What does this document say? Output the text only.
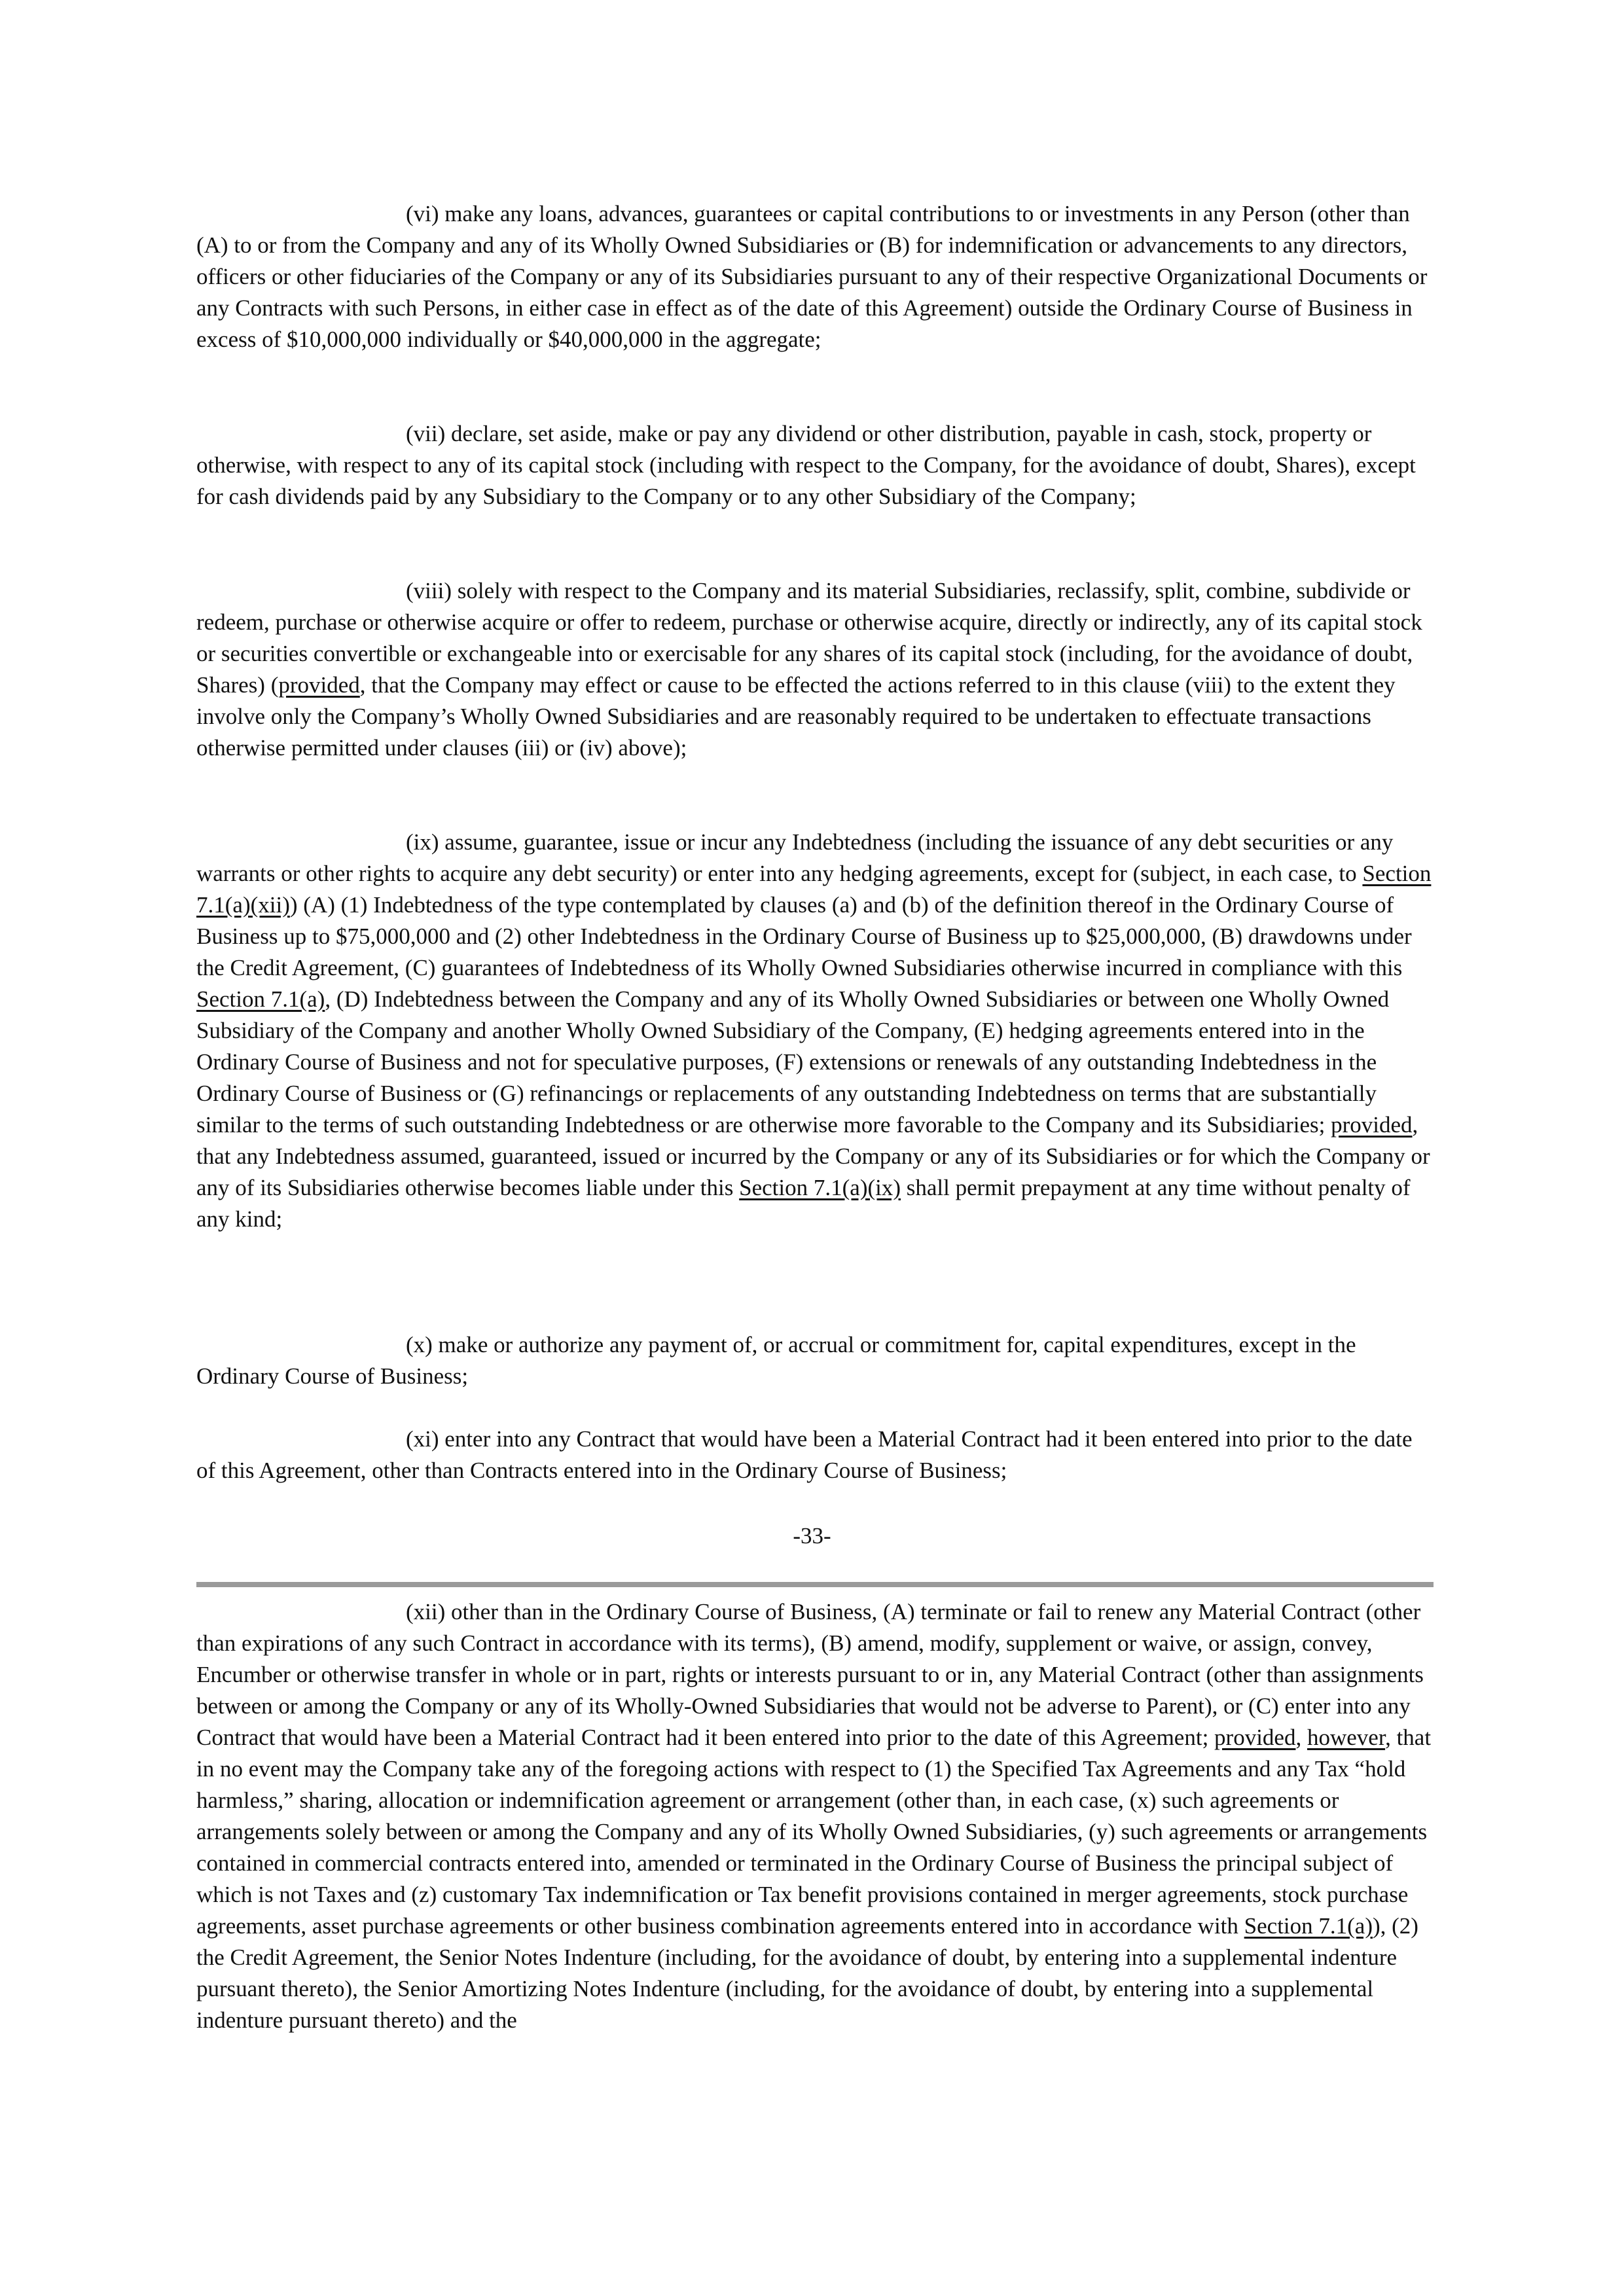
(vi) make any loans, advances, guarantees or capital contributions to or investments in any Person (other than (A) to or from the Company and any of its Wholly Owned Subsidiaries or (B) for indemnification or advancements to any directors, officers or other fiduciaries of the Company or any of its Subsidiaries pursuant to any of their respective Organizational Documents or any Contracts with such Persons, in either case in effect as of the date of this Agreement) outside the Ordinary Course of Business in excess of $10,000,000 individually or $40,000,000 in the aggregate;

(vii) declare, set aside, make or pay any dividend or other distribution, payable in cash, stock, property or otherwise, with respect to any of its capital stock (including with respect to the Company, for the avoidance of doubt, Shares), except for cash dividends paid by any Subsidiary to the Company or to any other Subsidiary of the Company;

(viii) solely with respect to the Company and its material Subsidiaries, reclassify, split, combine, subdivide or redeem, purchase or otherwise acquire or offer to redeem, purchase or otherwise acquire, directly or indirectly, any of its capital stock or securities convertible or exchangeable into or exercisable for any shares of its capital stock (including, for the avoidance of doubt, Shares) (provided, that the Company may effect or cause to be effected the actions referred to in this clause (viii) to the extent they involve only the Company’s Wholly Owned Subsidiaries and are reasonably required to be undertaken to effectuate transactions otherwise permitted under clauses (iii) or (iv) above);

(ix) assume, guarantee, issue or incur any Indebtedness (including the issuance of any debt securities or any warrants or other rights to acquire any debt security) or enter into any hedging agreements, except for (subject, in each case, to Section 7.1(a)(xii)) (A) (1) Indebtedness of the type contemplated by clauses (a) and (b) of the definition thereof in the Ordinary Course of Business up to $75,000,000 and (2) other Indebtedness in the Ordinary Course of Business up to $25,000,000, (B) drawdowns under the Credit Agreement, (C) guarantees of Indebtedness of its Wholly Owned Subsidiaries otherwise incurred in compliance with this Section 7.1(a), (D) Indebtedness between the Company and any of its Wholly Owned Subsidiaries or between one Wholly Owned Subsidiary of the Company and another Wholly Owned Subsidiary of the Company, (E) hedging agreements entered into in the Ordinary Course of Business and not for speculative purposes, (F) extensions or renewals of any outstanding Indebtedness in the Ordinary Course of Business or (G) refinancings or replacements of any outstanding Indebtedness on terms that are substantially similar to the terms of such outstanding Indebtedness or are otherwise more favorable to the Company and its Subsidiaries; provided, that any Indebtedness assumed, guaranteed, issued or incurred by the Company or any of its Subsidiaries or for which the Company or any of its Subsidiaries otherwise becomes liable under this Section 7.1(a)(ix) shall permit prepayment at any time without penalty of any kind;

(x) make or authorize any payment of, or accrual or commitment for, capital expenditures, except in the Ordinary Course of Business;

(xi) enter into any Contract that would have been a Material Contract had it been entered into prior to the date of this Agreement, other than Contracts entered into in the Ordinary Course of Business;

-33-

(xii) other than in the Ordinary Course of Business, (A) terminate or fail to renew any Material Contract (other than expirations of any such Contract in accordance with its terms), (B) amend, modify, supplement or waive, or assign, convey, Encumber or otherwise transfer in whole or in part, rights or interests pursuant to or in, any Material Contract (other than assignments between or among the Company or any of its Wholly-Owned Subsidiaries that would not be adverse to Parent), or (C) enter into any Contract that would have been a Material Contract had it been entered into prior to the date of this Agreement; provided, however, that in no event may the Company take any of the foregoing actions with respect to (1) the Specified Tax Agreements and any Tax “hold harmless,” sharing, allocation or indemnification agreement or arrangement (other than, in each case, (x) such agreements or arrangements solely between or among the Company and any of its Wholly Owned Subsidiaries, (y) such agreements or arrangements contained in commercial contracts entered into, amended or terminated in the Ordinary Course of Business the principal subject of which is not Taxes and (z) customary Tax indemnification or Tax benefit provisions contained in merger agreements, stock purchase agreements, asset purchase agreements or other business combination agreements entered into in accordance with Section 7.1(a)), (2) the Credit Agreement, the Senior Notes Indenture (including, for the avoidance of doubt, by entering into a supplemental indenture pursuant thereto), the Senior Amortizing Notes Indenture (including, for the avoidance of doubt, by entering into a supplemental indenture pursuant thereto) and the
